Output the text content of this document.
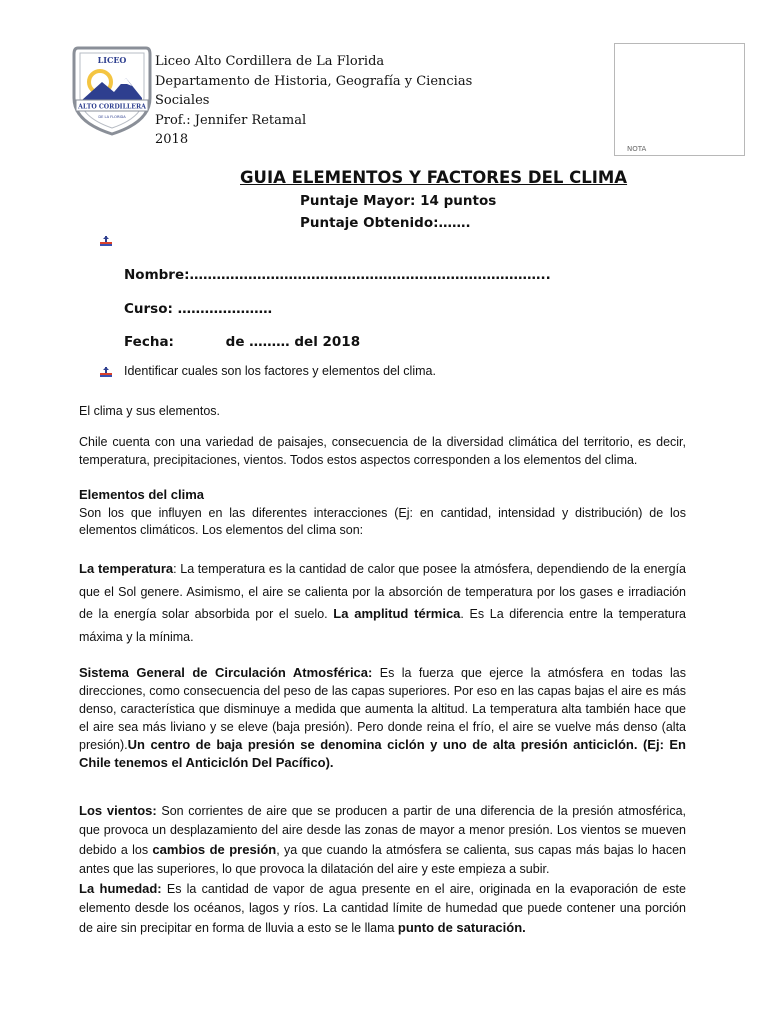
LICEO
ALTO CORDILLERA
DE LA FLORIDA
Liceo Alto Cordillera de La Florida
Departamento de Historia, Geografía y Ciencias
Sociales
Prof.: Jennifer Retamal
2018
NOTA
GUIA ELEMENTOS Y FACTORES DEL CLIMA
Puntaje Mayor: 14 puntos
Puntaje Obtenido:…….
Nombre:……………………………………………………………………..
Curso: …………………
Fecha:           de ……… del 2018
Identificar cuales son los factores y elementos del clima.
El clima y sus elementos.
Chile cuenta con una variedad de paisajes, consecuencia de la diversidad climática del territorio, es decir, temperatura, precipitaciones, vientos. Todos estos aspectos corresponden a los elementos del clima.
Elementos del clima
Son los que influyen en las diferentes interacciones (Ej: en cantidad, intensidad y distribución) de los elementos climáticos. Los elementos del clima son:
La temperatura: La temperatura es la cantidad de calor que posee la atmósfera, dependiendo de la energía que el Sol genere. Asimismo, el aire se calienta por la absorción de temperatura por los gases e irradiación de la energía solar absorbida por el suelo. La amplitud térmica. Es La diferencia entre la temperatura máxima y la mínima.
Sistema General de Circulación Atmosférica: Es la fuerza que ejerce la atmósfera en todas las direcciones, como consecuencia del peso de las capas superiores. Por eso en las capas bajas el aire es más denso, característica que disminuye a medida que aumenta la altitud. La temperatura alta también hace que el aire sea más liviano y se eleve (baja presión). Pero donde reina el frío, el aire se vuelve más denso (alta presión).Un centro de baja presión se denomina ciclón y uno de alta presión anticiclón. (Ej: En Chile tenemos el Anticiclón Del Pacífico).
Los vientos: Son corrientes de aire que se producen a partir de una diferencia de la presión atmosférica, que provoca un desplazamiento del aire desde las zonas de mayor a menor presión. Los vientos se mueven debido a los cambios de presión, ya que cuando la atmósfera se calienta, sus capas más bajas lo hacen antes que las superiores, lo que provoca la dilatación del aire y este empieza a subir.
La humedad: Es la cantidad de vapor de agua presente en el aire, originada en la evaporación de este elemento desde los océanos, lagos y ríos. La cantidad límite de humedad que puede contener una porción de aire sin precipitar en forma de lluvia a esto se le llama punto de saturación.
